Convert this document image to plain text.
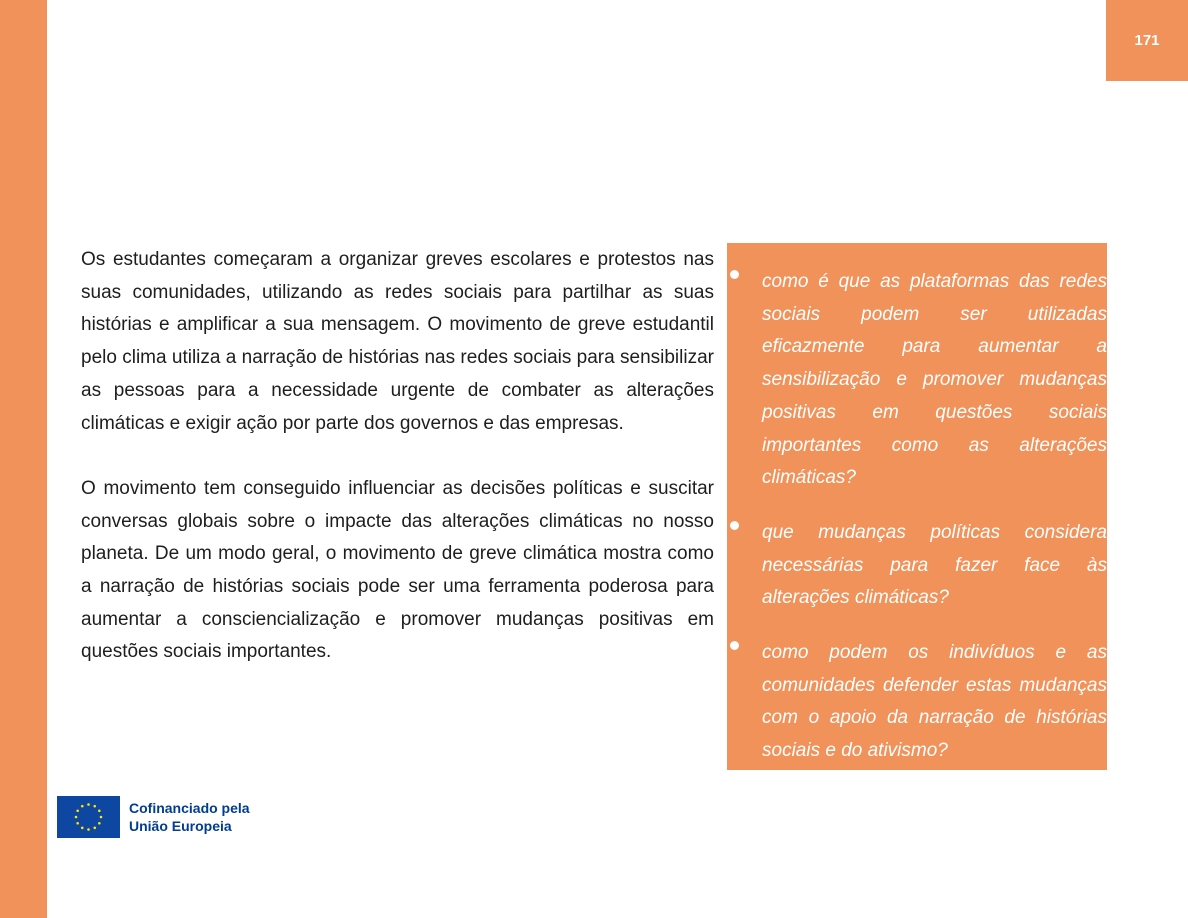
171

Os estudantes começaram a organizar greves escolares e protestos nas suas comunidades, utilizando as redes sociais para partilhar as suas histórias e amplificar a sua mensagem. O movimento de greve estudantil pelo clima utiliza a narração de histórias nas redes sociais para sensibilizar as pessoas para a necessidade urgente de combater as alterações climáticas e exigir ação por parte dos governos e das empresas.

O movimento tem conseguido influenciar as decisões políticas e suscitar conversas globais sobre o impacte das alterações climáticas no nosso planeta. De um modo geral, o movimento de greve climática mostra como a narração de histórias sociais pode ser uma ferramenta poderosa para aumentar a consciencialização e promover mudanças positivas em questões sociais importantes.

como é que as plataformas das redes sociais podem ser utilizadas eficazmente para aumentar a sensibilização e promover mudanças positivas em questões sociais importantes como as alterações climáticas?
que mudanças políticas considera necessárias para fazer face às alterações climáticas?
como podem os indivíduos e as comunidades defender estas mudanças com o apoio da narração de histórias sociais e do ativismo?
Cofinanciado pela
União Europeia
